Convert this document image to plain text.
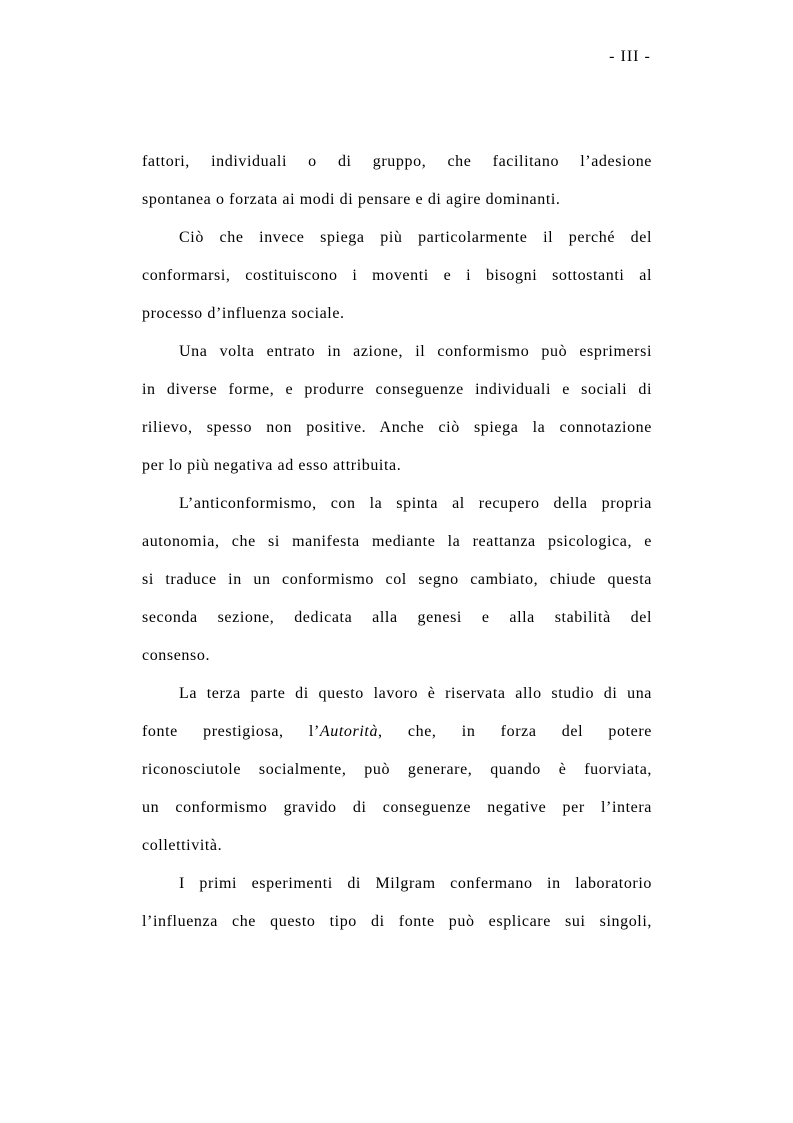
- III -
fattori, individuali o di gruppo, che facilitano l’adesione
spontanea o forzata ai modi di pensare e di agire dominanti.
Ciò che invece spiega più particolarmente il perché del
conformarsi, costituiscono i moventi e i bisogni sottostanti al
processo d’influenza sociale.
Una volta entrato in azione, il conformismo può esprimersi
in diverse forme, e produrre conseguenze individuali e sociali di
rilievo, spesso non positive. Anche ciò spiega la connotazione
per lo più negativa ad esso attribuita.
L’anticonformismo, con la spinta al recupero della propria
autonomia, che si manifesta mediante la reattanza psicologica, e
si traduce in un conformismo col segno cambiato, chiude questa
seconda sezione, dedicata alla genesi e alla stabilità del
consenso.
La terza parte di questo lavoro è riservata allo studio di una
fonte prestigiosa, l’Autorità, che, in forza del potere
riconosciutole socialmente, può generare, quando è fuorviata,
un conformismo gravido di conseguenze negative per l’intera
collettività.
I primi esperimenti di Milgram confermano in laboratorio
l’influenza che questo tipo di fonte può esplicare sui singoli,
